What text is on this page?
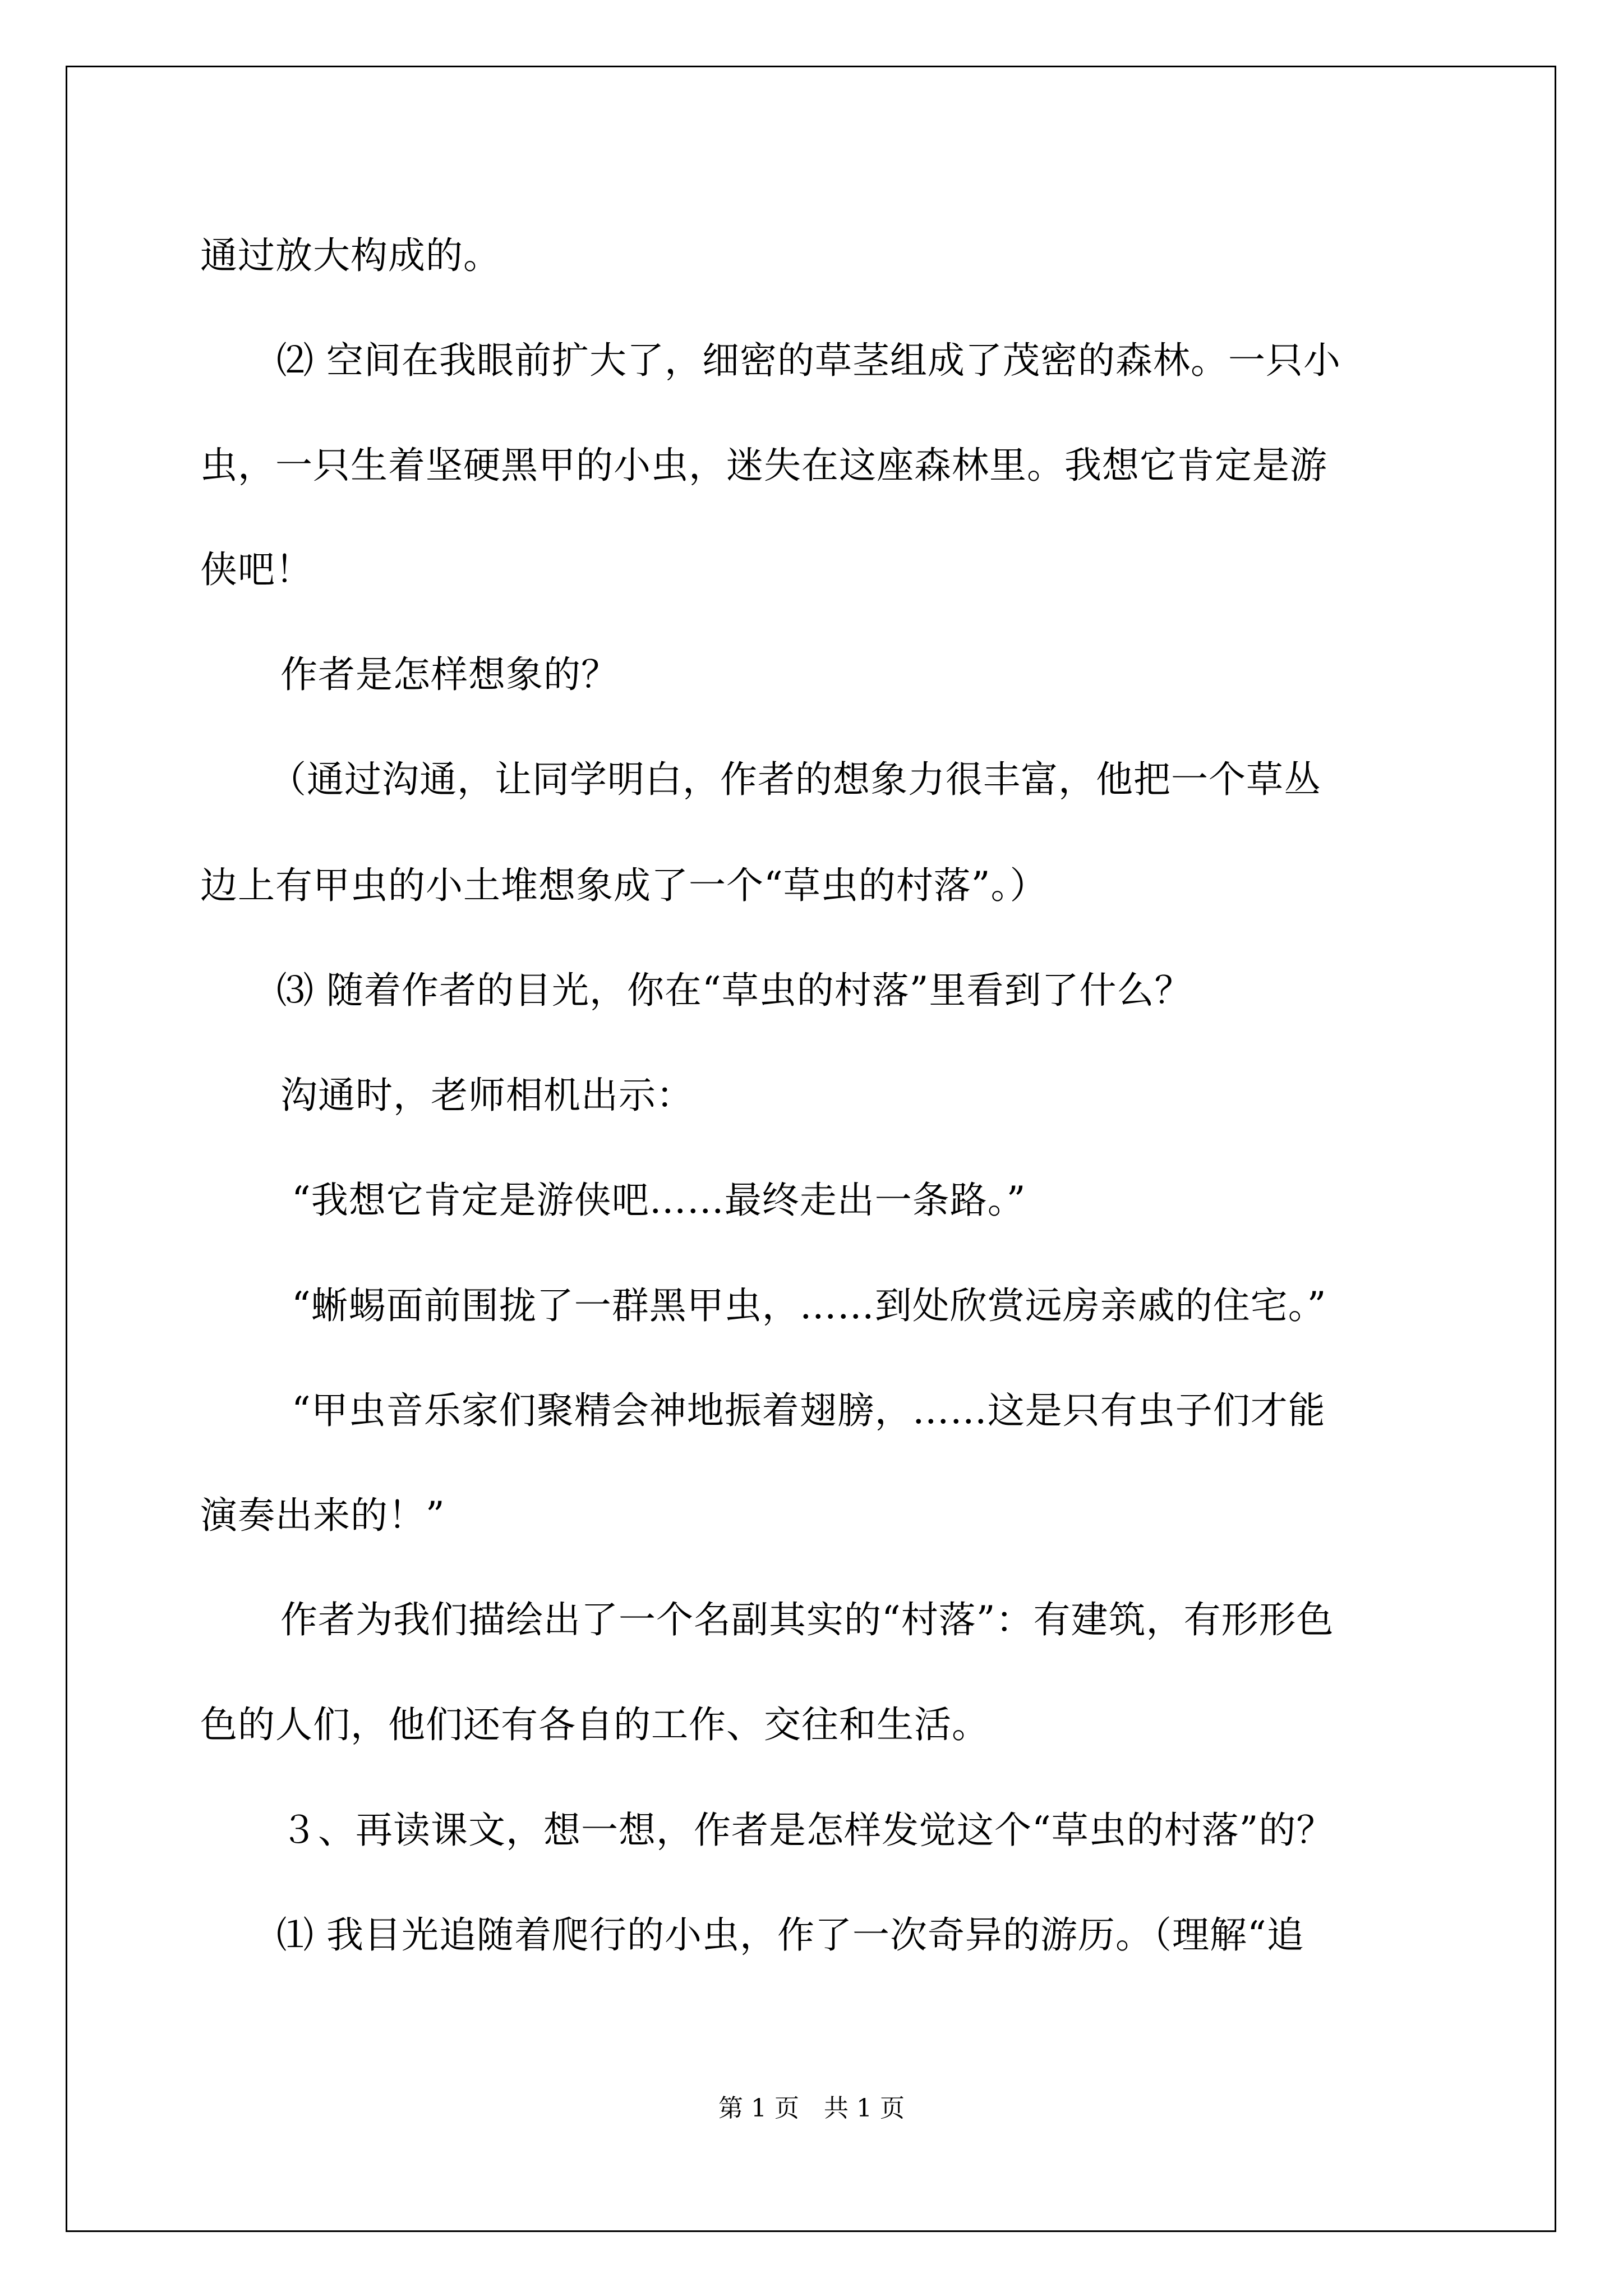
通过放大构成的。
⑵ 空间在我眼前扩大了，细密的草茎组成了茂密的森林。一只小
虫，一只生着坚硬黑甲的小虫，迷失在这座森林里。我想它肯定是游
侠吧！
作者是怎样想象的？
（通过沟通，让同学明白，作者的想象力很丰富，他把一个草丛
边上有甲虫的小土堆想象成了一个“草虫的村落”。）
⑶ 随着作者的目光，你在“草虫的村落”里看到了什么？
沟通时，老师相机出示：
“我想它肯定是游侠吧……最终走出一条路。”
“蜥蜴面前围拢了一群黑甲虫，……到处欣赏远房亲戚的住宅。”
“甲虫音乐家们聚精会神地振着翅膀，……这是只有虫子们才能
演奏出来的！”
作者为我们描绘出了一个名副其实的“村落”：有建筑，有形形色
色的人们，他们还有各自的工作、交往和生活。
３、再读课文，想一想，作者是怎样发觉这个“草虫的村落”的？
⑴ 我目光追随着爬行的小虫，作了一次奇异的游历。（理解“追
第 1 页　共 1 页
